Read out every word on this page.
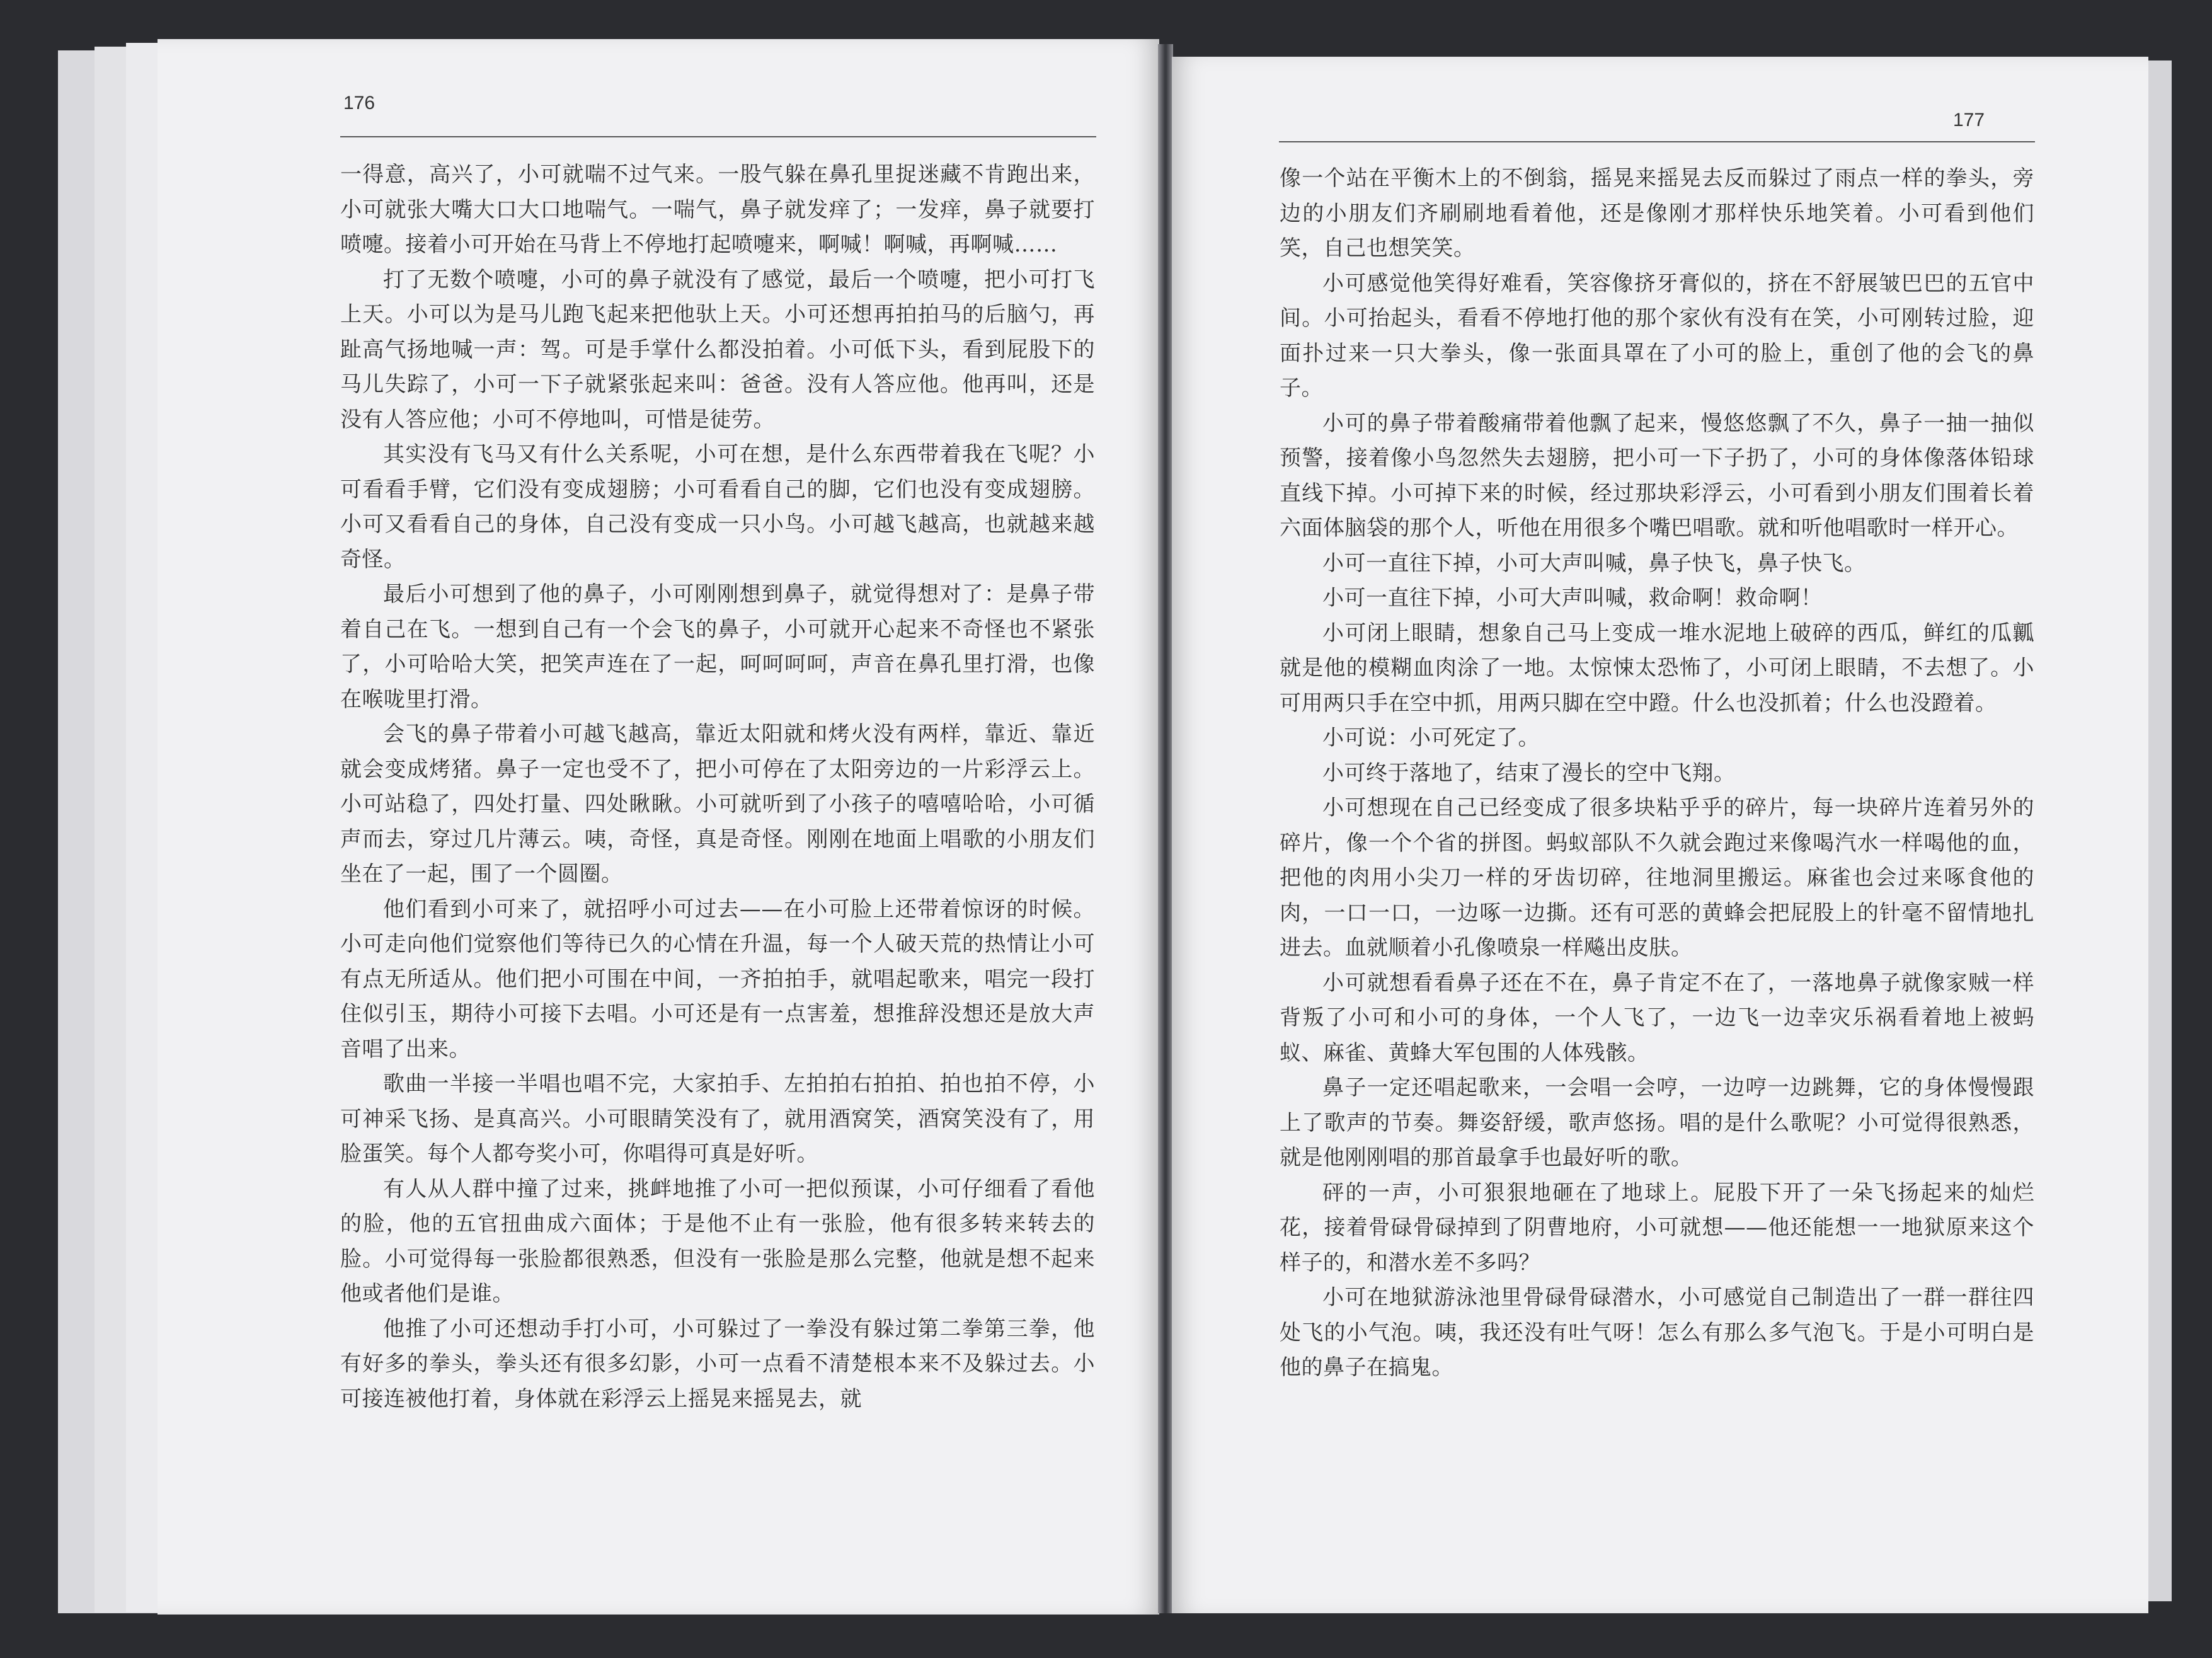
176

一得意，高兴了，小可就喘不过气来。一股气躲在鼻孔里捉迷藏不肯跑出来，小可就张大嘴大口大口地喘气。一喘气，鼻子就发痒了；一发痒，鼻子就要打喷嚏。接着小可开始在马背上不停地打起喷嚏来，啊喊！啊喊，再啊喊……

打了无数个喷嚏，小可的鼻子就没有了感觉，最后一个喷嚏，把小可打飞上天。小可以为是马儿跑飞起来把他驮上天。小可还想再拍拍马的后脑勺，再趾高气扬地喊一声：驾。可是手掌什么都没拍着。小可低下头，看到屁股下的马儿失踪了，小可一下子就紧张起来叫：爸爸。没有人答应他。他再叫，还是没有人答应他；小可不停地叫，可惜是徒劳。

其实没有飞马又有什么关系呢，小可在想，是什么东西带着我在飞呢？小可看看手臂，它们没有变成翅膀；小可看看自己的脚，它们也没有变成翅膀。小可又看看自己的身体，自己没有变成一只小鸟。小可越飞越高，也就越来越奇怪。

最后小可想到了他的鼻子，小可刚刚想到鼻子，就觉得想对了：是鼻子带着自己在飞。一想到自己有一个会飞的鼻子，小可就开心起来不奇怪也不紧张了，小可哈哈大笑，把笑声连在了一起，呵呵呵呵，声音在鼻孔里打滑，也像在喉咙里打滑。

会飞的鼻子带着小可越飞越高，靠近太阳就和烤火没有两样，靠近、靠近就会变成烤猪。鼻子一定也受不了，把小可停在了太阳旁边的一片彩浮云上。小可站稳了，四处打量、四处瞅瞅。小可就听到了小孩子的嘻嘻哈哈，小可循声而去，穿过几片薄云。咦，奇怪，真是奇怪。刚刚在地面上唱歌的小朋友们坐在了一起，围了一个圆圈。

他们看到小可来了，就招呼小可过去——在小可脸上还带着惊讶的时候。小可走向他们觉察他们等待已久的心情在升温，每一个人破天荒的热情让小可有点无所适从。他们把小可围在中间，一齐拍拍手，就唱起歌来，唱完一段打住似引玉，期待小可接下去唱。小可还是有一点害羞，想推辞没想还是放大声音唱了出来。

歌曲一半接一半唱也唱不完，大家拍手、左拍拍右拍拍、拍也拍不停，小可神采飞扬、是真高兴。小可眼睛笑没有了，就用酒窝笑，酒窝笑没有了，用脸蛋笑。每个人都夸奖小可，你唱得可真是好听。

有人从人群中撞了过来，挑衅地推了小可一把似预谋，小可仔细看了看他的脸，他的五官扭曲成六面体；于是他不止有一张脸，他有很多转来转去的脸。小可觉得每一张脸都很熟悉，但没有一张脸是那么完整，他就是想不起来他或者他们是谁。

他推了小可还想动手打小可，小可躲过了一拳没有躲过第二拳第三拳，他有好多的拳头，拳头还有很多幻影，小可一点看不清楚根本来不及躲过去。小可接连被他打着，身体就在彩浮云上摇晃来摇晃去，就

177

像一个站在平衡木上的不倒翁，摇晃来摇晃去反而躲过了雨点一样的拳头，旁边的小朋友们齐刷刷地看着他，还是像刚才那样快乐地笑着。小可看到他们笑，自己也想笑笑。

小可感觉他笑得好难看，笑容像挤牙膏似的，挤在不舒展皱巴巴的五官中间。小可抬起头，看看不停地打他的那个家伙有没有在笑，小可刚转过脸，迎面扑过来一只大拳头，像一张面具罩在了小可的脸上，重创了他的会飞的鼻子。

小可的鼻子带着酸痛带着他飘了起来，慢悠悠飘了不久，鼻子一抽一抽似预警，接着像小鸟忽然失去翅膀，把小可一下子扔了，小可的身体像落体铅球直线下掉。小可掉下来的时候，经过那块彩浮云，小可看到小朋友们围着长着六面体脑袋的那个人，听他在用很多个嘴巴唱歌。就和听他唱歌时一样开心。

小可一直往下掉，小可大声叫喊，鼻子快飞，鼻子快飞。

小可一直往下掉，小可大声叫喊，救命啊！救命啊！

小可闭上眼睛，想象自己马上变成一堆水泥地上破碎的西瓜，鲜红的瓜瓤就是他的模糊血肉涂了一地。太惊悚太恐怖了，小可闭上眼睛，不去想了。小可用两只手在空中抓，用两只脚在空中蹬。什么也没抓着；什么也没蹬着。

小可说：小可死定了。

小可终于落地了，结束了漫长的空中飞翔。

小可想现在自己已经变成了很多块粘乎乎的碎片，每一块碎片连着另外的碎片，像一个个省的拼图。蚂蚁部队不久就会跑过来像喝汽水一样喝他的血，把他的肉用小尖刀一样的牙齿切碎，往地洞里搬运。麻雀也会过来啄食他的肉，一口一口，一边啄一边撕。还有可恶的黄蜂会把屁股上的针毫不留情地扎进去。血就顺着小孔像喷泉一样飚出皮肤。

小可就想看看鼻子还在不在，鼻子肯定不在了，一落地鼻子就像家贼一样背叛了小可和小可的身体，一个人飞了，一边飞一边幸灾乐祸看着地上被蚂蚁、麻雀、黄蜂大军包围的人体残骸。

鼻子一定还唱起歌来，一会唱一会哼，一边哼一边跳舞，它的身体慢慢跟上了歌声的节奏。舞姿舒缓，歌声悠扬。唱的是什么歌呢？小可觉得很熟悉，就是他刚刚唱的那首最拿手也最好听的歌。

砰的一声，小可狠狠地砸在了地球上。屁股下开了一朵飞扬起来的灿烂花，接着骨碌骨碌掉到了阴曹地府，小可就想——他还能想一一地狱原来这个样子的，和潜水差不多吗？

小可在地狱游泳池里骨碌骨碌潜水，小可感觉自己制造出了一群一群往四处飞的小气泡。咦，我还没有吐气呀！怎么有那么多气泡飞。于是小可明白是他的鼻子在搞鬼。
